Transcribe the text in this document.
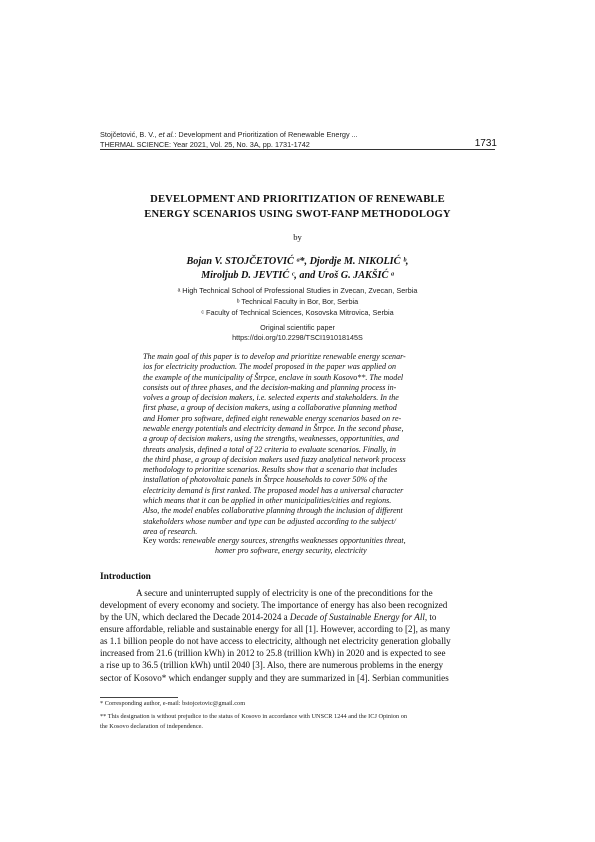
Stojčetović, B. V., et al.: Development and Prioritization of Renewable Energy ...
THERMAL SCIENCE: Year 2021, Vol. 25, No. 3A, pp. 1731-1742	1731
DEVELOPMENT AND PRIORITIZATION OF RENEWABLE
ENERGY SCENARIOS USING SWOT-FANP METHODOLOGY
by
Bojan V. STOJČETOVIĆ ᵃ*, Djordje M. NIKOLIĆ ᵇ,
Miroljub D. JEVTIĆ ᶜ, and Uroš G. JAKŠIĆ ᵃ
ᵃ High Technical School of Professional Studies in Zvecan, Zvecan, Serbia
ᵇ Technical Faculty in Bor, Bor, Serbia
ᶜ Faculty of Technical Sciences, Kosovska Mitrovica, Serbia
Original scientific paper
https://doi.org/10.2298/TSCI191018145S
The main goal of this paper is to develop and prioritize renewable energy scenar-
ios for electricity production. The model proposed in the paper was applied on
the example of the municipality of Štrpce, enclave in south Kosovo**. The model
consists out of three phases, and the decision-making and planning process in-
volves a group of decision makers, i.e. selected experts and stakeholders. In the
first phase, a group of decision makers, using a collaborative planning method
and Homer pro software, defined eight renewable energy scenarios based on re-
newable energy potentials and electricity demand in Štrpce. In the second phase,
a group of decision makers, using the strengths, weaknesses, opportunities, and
threats analysis, defined a total of 22 criteria to evaluate scenarios. Finally, in
the third phase, a group of decision makers used fuzzy analytical network process
methodology to prioritize scenarios. Results show that a scenario that includes
installation of photovoltaic panels in Štrpce households to cover 50% of the
electricity demand is first ranked. The proposed model has a universal character
which means that it can be applied in other municipalities/cities and regions.
Also, the model enables collaborative planning through the inclusion of different
stakeholders whose number and type can be adjusted according to the subject/
area of research.
Key words: renewable energy sources, strengths weaknesses opportunities threat,
homer pro software, energy security, electricity
Introduction
A secure and uninterrupted supply of electricity is one of the preconditions for the
development of every economy and society. The importance of energy has also been recognized
by the UN, which declared the Decade 2014-2024 a Decade of Sustainable Energy for All, to
ensure affordable, reliable and sustainable energy for all [1]. However, according to [2], as many
as 1.1 billion people do not have access to electricity, although net electricity generation globally
increased from 21.6 (trillion kWh) in 2012 to 25.8 (trillion kWh) in 2020 and is expected to see
a rise up to 36.5 (trillion kWh) until 2040 [3]. Also, there are numerous problems in the energy
sector of Kosovo* which endanger supply and they are summarized in [4]. Serbian communities
* Corresponding author, e-mail: bstojcetovic@gmail.com
** This designation is without prejudice to the status of Kosovo in accordance with UNSCR 1244 and the ICJ Opinion on
the Kosovo declaration of independence.
